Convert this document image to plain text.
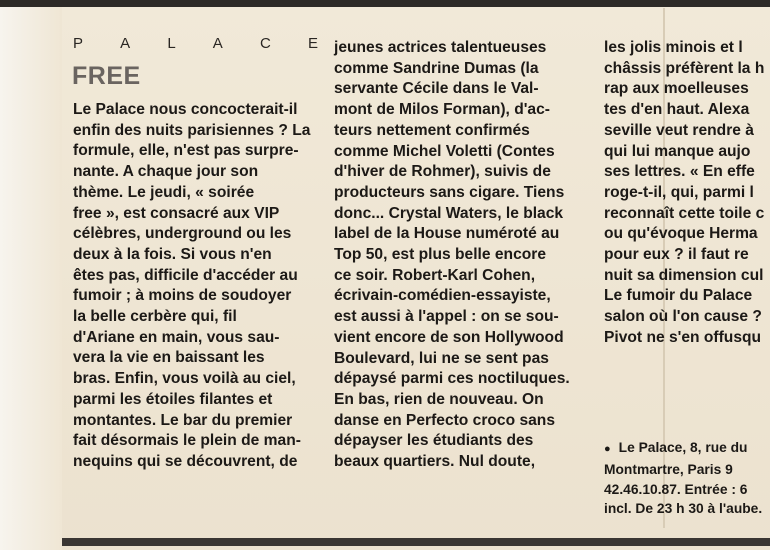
P A L A C E
FREE

Le Palace nous concocterait-il

enfin des nuits parisiennes ? La

formule, elle, n'est pas surpre-

nante. A chaque jour son

thème. Le jeudi, « soirée

free », est consacré aux VIP

célèbres, underground ou les

deux à la fois. Si vous n'en

êtes pas, difficile d'accéder au

fumoir ; à moins de soudoyer

la belle cerbère qui, fil

d'Ariane en main, vous sau-

vera la vie en baissant les

bras. Enfin, vous voilà au ciel,

parmi les étoiles filantes et

montantes. Le bar du premier

fait désormais le plein de man-

nequins qui se découvrent, de

jeunes actrices talentueuses

comme Sandrine Dumas (la

servante Cécile dans le Val-

mont de Milos Forman), d'ac-

teurs nettement confirmés

comme Michel Voletti (Contes

d'hiver de Rohmer), suivis de

producteurs sans cigare. Tiens

donc... Crystal Waters, le black

label de la House numéroté au

Top 50, est plus belle encore

ce soir. Robert-Karl Cohen,

écrivain-comédien-essayiste,

est aussi à l'appel : on se sou-

vient encore de son Hollywood

Boulevard, lui ne se sent pas

dépaysé parmi ces noctiluques.

En bas, rien de nouveau. On

danse en Perfecto croco sans

dépayser les étudiants des

beaux quartiers. Nul doute,

les jolis minois et l

châssis préfèrent la h

rap aux moelleuses

tes d'en haut. Alexa

seville veut rendre à

qui lui manque aujo

ses lettres. « En effe

roge-t-il, qui, parmi l

reconnaît cette toile c

ou qu'évoque Herma

pour eux ? il faut re

nuit sa dimension cul

Le fumoir du Palace

salon où l'on cause ?

Pivot ne s'en offusqu

● Le Palace, 8, rue du

Montmartre, Paris 9

42.46.10.87. Entrée : 6

incl. De 23 h 30 à l'aube.
